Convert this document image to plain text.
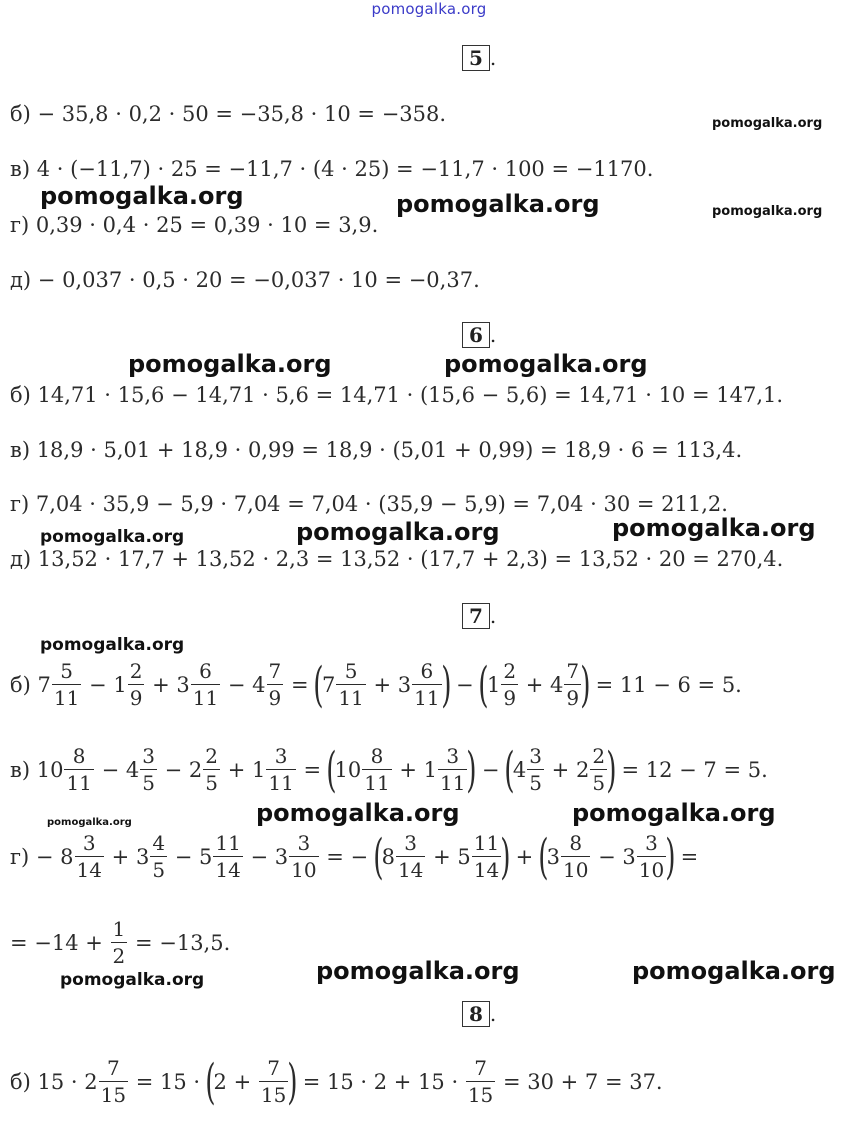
pomogalka.org
5 .
б) − 35,8 · 0,2 · 50 = −35,8 · 10 = −358.
в) 4 · (−11,7) · 25 = −11,7 · (4 · 25) = −11,7 · 100 = −1170.
г) 0,39 · 0,4 · 25 = 0,39 · 10 = 3,9.
д) − 0,037 · 0,5 · 20 = −0,037 · 10 = −0,37.
6 .
б) 14,71 · 15,6 − 14,71 · 5,6 = 14,71 · (15,6 − 5,6) = 14,71 · 10 = 147,1.
в) 18,9 · 5,01 + 18,9 · 0,99 = 18,9 · (5,01 + 0,99) = 18,9 · 6 = 113,4.
г) 7,04 · 35,9 − 5,9 · 7,04 = 7,04 · (35,9 − 5,9) = 7,04 · 30 = 211,2.
д) 13,52 · 17,7 + 13,52 · 2,3 = 13,52 · (17,7 + 2,3) = 13,52 · 20 = 270,4.
7 .
б)
7
5
11
− 1
2
9
+ 3
6
11
− 4
7
9
=
(
7
5
11
+ 3
6
11 )
−
(
1
2
9
+ 4
7
9 )
= 11 − 6 = 5.
в)
10
8
11
− 4
3
5
− 2
2
5
+ 1
3
11
=
(
10
8
11
+ 1
3
11 )
−
(
4
3
5
+ 2
2
5 )
= 12 − 7 = 5.
г) −
8
3
14
+ 3
4
5
− 5
11
14
− 3
3
10
= −
(
8
3
14
+ 5
11
14 )
+
(
3
8
10
− 3
3
10 )
=
= −14 +
$\frac{1}{2}$
= −13,5.
8 .
б) $15 \cdot 2 \frac{7}{15}$
= 15 ·
(
2 +
$\frac{7}{15}$ )
= 15 · 2 + 15 ·
$\frac{7}{15}$
= 30 + 7 = 37.
pomogalka.org
pomogalka.org	pomogalka.org	pomogalka.org
pomogalka.org	pomogalka.org
pomogalka.org	pomogalka.org	pomogalka.org
pomogalka.org
pomogalka.org	pomogalka.org
pomogalka.org
pomogalka.org	pomogalka.org	pomogalka.org
